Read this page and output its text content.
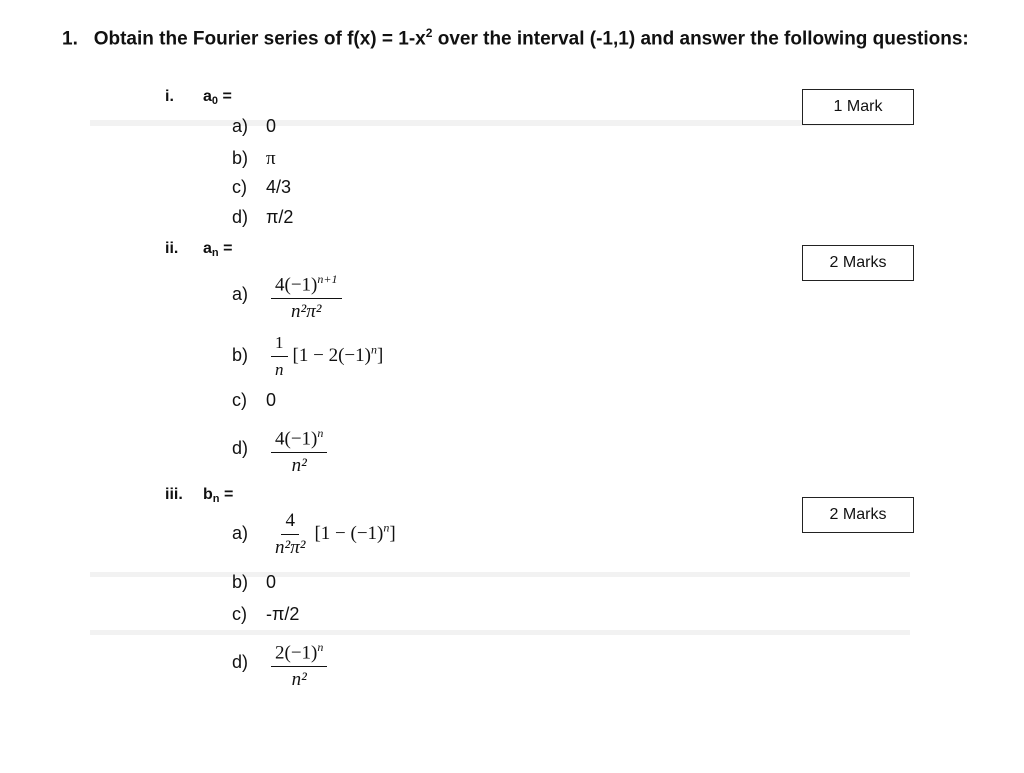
1. Obtain the Fourier series of $f(x) = 1-x^2$ over the interval (-1,1) and answer the following questions:
i. $a_0$ =
1 Mark
a) 0
b) π
c) 4/3
d) π/2
ii. $a_n$ =
2 Marks
$a) \frac{4(-1)^{n+1}}{\text{n²π²}}$
$b) \frac{1}{n} [1 - 2(-1)^n]$
c) 0
$d) \frac{4(-1)^n}{\text{n²}}$
iii. $b_n$ =
2 Marks
$a) \frac{4}{\text{n²π²}} [1 - (-1)^n]$
b) 0
c) -π/2
$d) \frac{2(-1)^n}{\text{n²}}$
